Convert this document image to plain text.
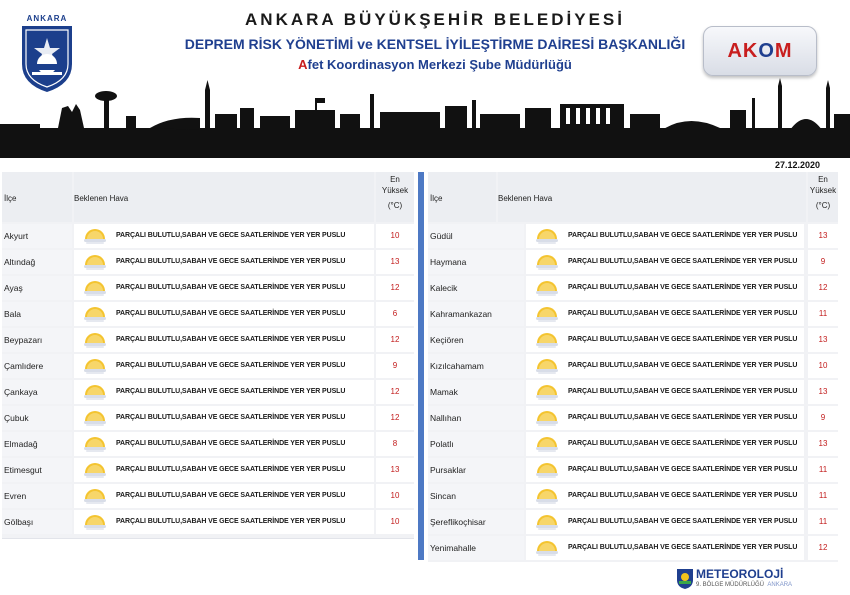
ANKARA	ANKARA BÜYÜKŞEHİR BELEDİYESİ
DEPREM RİSK YÖNETİMİ ve KENTSEL İYİLEŞTİRME DAİRESİ BAŞKANLIĞI
Afet Koordinasyon Merkezi Şube Müdürlüğü
AKOM
27.12.2020
İlçe	Beklenen Hava
En
Yüksek
(°C)
Akyurt	PARÇALI BULUTLU,SABAH VE GECE SAATLERİNDE YER YER PUSLU	10
Altındağ	PARÇALI BULUTLU,SABAH VE GECE SAATLERİNDE YER YER PUSLU	13
Ayaş	PARÇALI BULUTLU,SABAH VE GECE SAATLERİNDE YER YER PUSLU	12
Bala	PARÇALI BULUTLU,SABAH VE GECE SAATLERİNDE YER YER PUSLU	6
Beypazarı	PARÇALI BULUTLU,SABAH VE GECE SAATLERİNDE YER YER PUSLU	12
Çamlıdere	PARÇALI BULUTLU,SABAH VE GECE SAATLERİNDE YER YER PUSLU	9
Çankaya	PARÇALI BULUTLU,SABAH VE GECE SAATLERİNDE YER YER PUSLU	12
Çubuk	PARÇALI BULUTLU,SABAH VE GECE SAATLERİNDE YER YER PUSLU	12
Elmadağ	PARÇALI BULUTLU,SABAH VE GECE SAATLERİNDE YER YER PUSLU	8
Etimesgut	PARÇALI BULUTLU,SABAH VE GECE SAATLERİNDE YER YER PUSLU	13
Evren	PARÇALI BULUTLU,SABAH VE GECE SAATLERİNDE YER YER PUSLU	10
Gölbaşı	PARÇALI BULUTLU,SABAH VE GECE SAATLERİNDE YER YER PUSLU	10
İlçe	Beklenen Hava
En
Yüksek
(°C)
Güdül	PARÇALI BULUTLU,SABAH VE GECE SAATLERİNDE YER YER PUSLU	13
Haymana	PARÇALI BULUTLU,SABAH VE GECE SAATLERİNDE YER YER PUSLU	9
Kalecik	PARÇALI BULUTLU,SABAH VE GECE SAATLERİNDE YER YER PUSLU	12
Kahramankazan	PARÇALI BULUTLU,SABAH VE GECE SAATLERİNDE YER YER PUSLU	11
Keçiören	PARÇALI BULUTLU,SABAH VE GECE SAATLERİNDE YER YER PUSLU	13
Kızılcahamam	PARÇALI BULUTLU,SABAH VE GECE SAATLERİNDE YER YER PUSLU	10
Mamak	PARÇALI BULUTLU,SABAH VE GECE SAATLERİNDE YER YER PUSLU	13
Nallıhan	PARÇALI BULUTLU,SABAH VE GECE SAATLERİNDE YER YER PUSLU	9
Polatlı	PARÇALI BULUTLU,SABAH VE GECE SAATLERİNDE YER YER PUSLU	13
Pursaklar	PARÇALI BULUTLU,SABAH VE GECE SAATLERİNDE YER YER PUSLU	11
Sincan	PARÇALI BULUTLU,SABAH VE GECE SAATLERİNDE YER YER PUSLU	11
Şereflikoçhisar	PARÇALI BULUTLU,SABAH VE GECE SAATLERİNDE YER YER PUSLU	11
Yenimahalle	PARÇALI BULUTLU,SABAH VE GECE SAATLERİNDE YER YER PUSLU	12
METEOROLOJİ
9. BÖLGE MÜDÜRLÜĞÜ ANKARA
